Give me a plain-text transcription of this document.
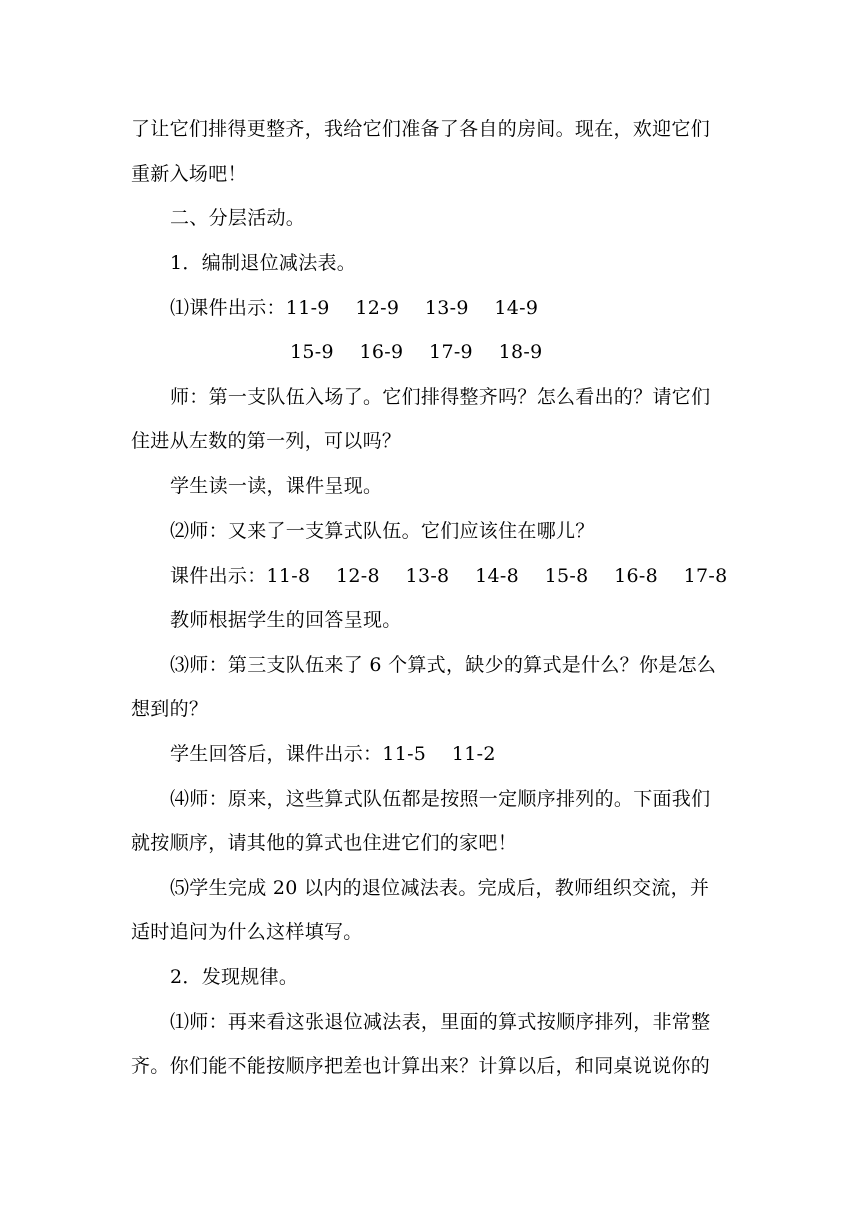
了让它们排得更整齐，我给它们准备了各自的房间。现在，欢迎它们
重新入场吧！
二、分层活动。
1．编制退位减法表。
⑴课件出示：11-9　 12-9　 13-9　 14-9
15-9　 16-9　 17-9　 18-9
师：第一支队伍入场了。它们排得整齐吗？怎么看出的？请它们
住进从左数的第一列，可以吗？
学生读一读，课件呈现。
⑵师：又来了一支算式队伍。它们应该住在哪儿？
课件出示：11-8　 12-8　 13-8　 14-8　 15-8　 16-8　 17-8
教师根据学生的回答呈现。
⑶师：第三支队伍来了 6 个算式，缺少的算式是什么？你是怎么
想到的？
学生回答后，课件出示：11-5　 11-2
⑷师：原来，这些算式队伍都是按照一定顺序排列的。下面我们
就按顺序，请其他的算式也住进它们的家吧！
⑸学生完成 20 以内的退位减法表。完成后，教师组织交流，并
适时追问为什么这样填写。
2．发现规律。
⑴师：再来看这张退位减法表，里面的算式按顺序排列，非常整
齐。你们能不能按顺序把差也计算出来？计算以后，和同桌说说你的
